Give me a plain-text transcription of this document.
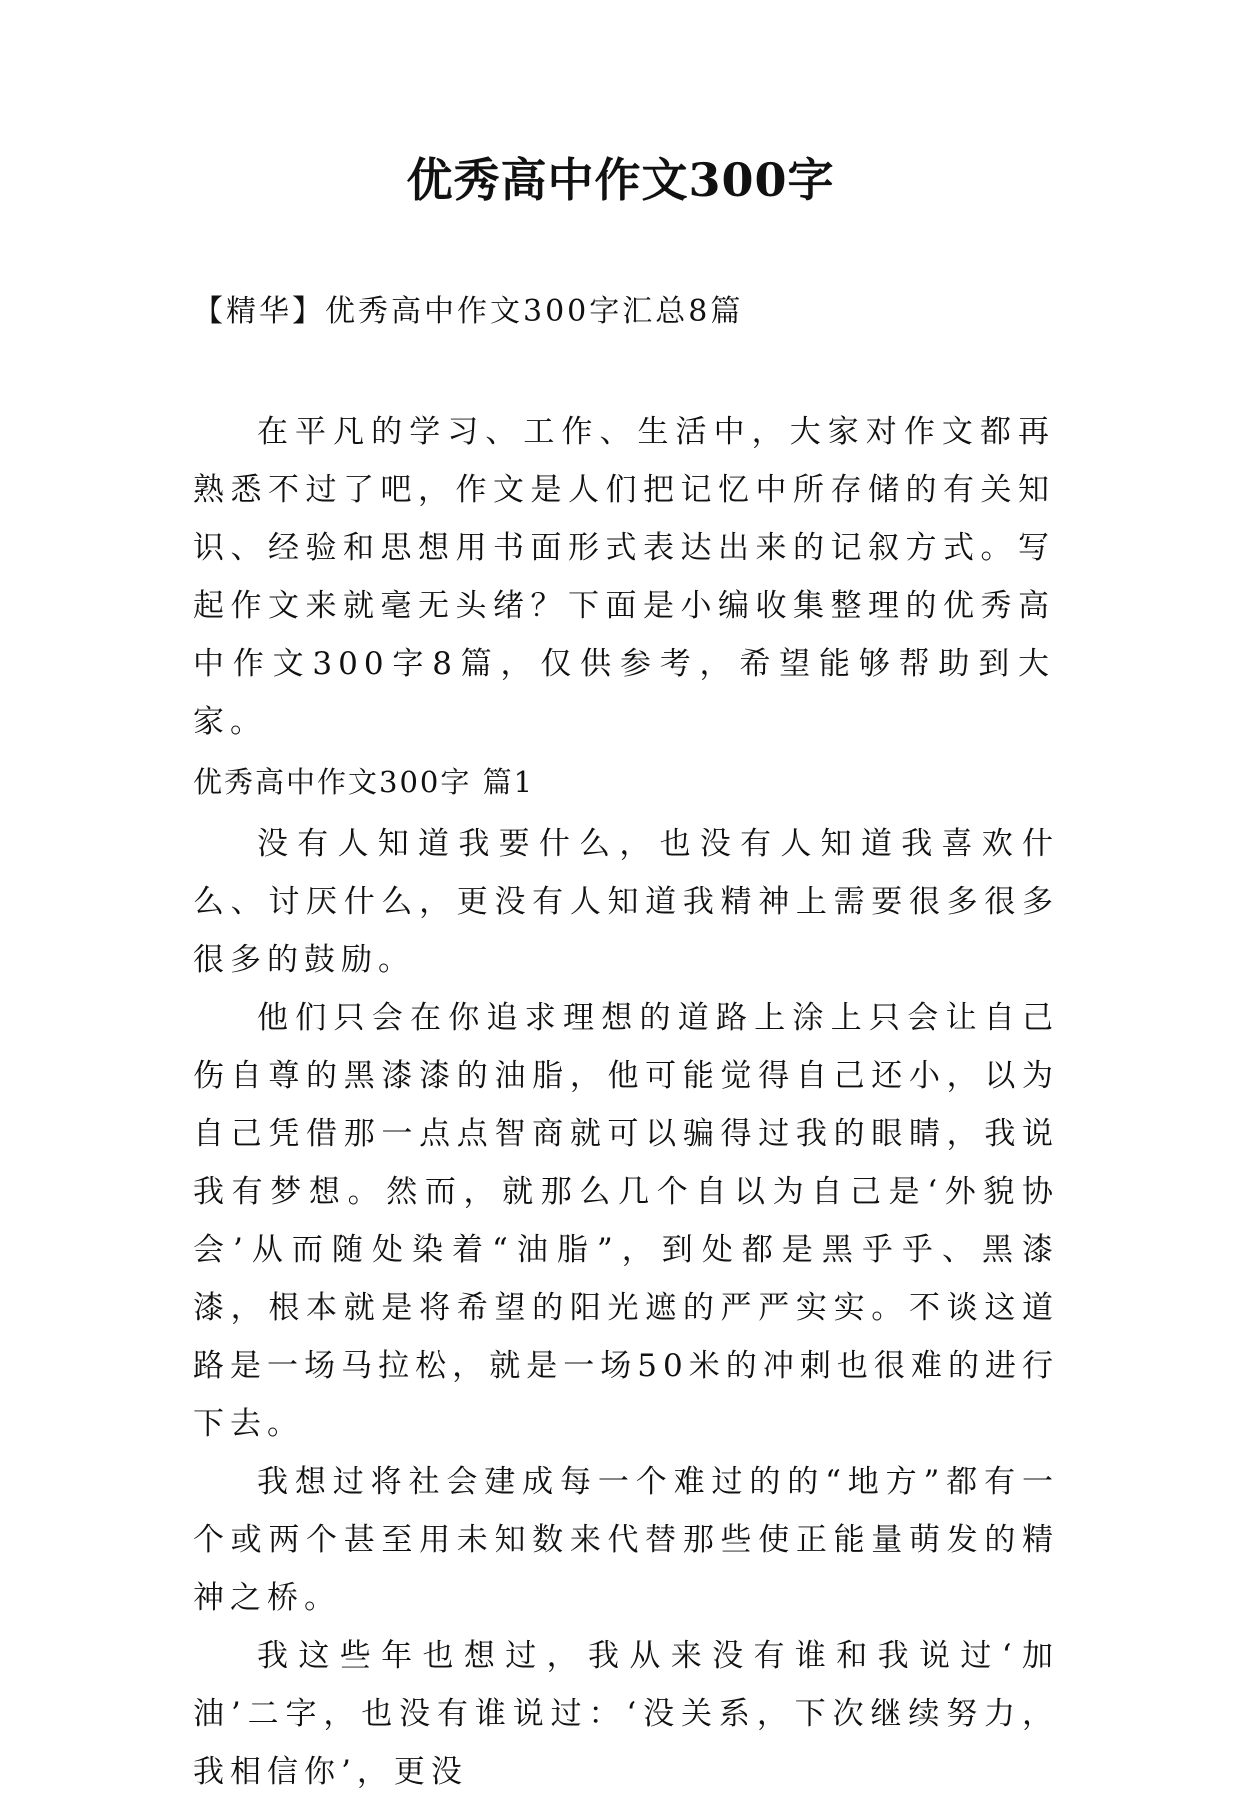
优秀高中作文300字

【精华】优秀高中作文300字汇总8篇

在平凡的学习、工作、生活中，大家对作文都再熟悉不过了吧，作文是人们把记忆中所存储的有关知识、经验和思想用书面形式表达出来的记叙方式。写起作文来就毫无头绪？下面是小编收集整理的优秀高中作文300字8篇，仅供参考，希望能够帮助到大家。

优秀高中作文300字 篇1

没有人知道我要什么，也没有人知道我喜欢什么、讨厌什么，更没有人知道我精神上需要很多很多很多的鼓励。

他们只会在你追求理想的道路上涂上只会让自己伤自尊的黑漆漆的油脂，他可能觉得自己还小，以为自己凭借那一点点智商就可以骗得过我的眼睛，我说我有梦想。然而，就那么几个自以为自己是‘外貌协会’从而随处染着“油脂”，到处都是黑乎乎、黑漆漆，根本就是将希望的阳光遮的严严实实。不谈这道路是一场马拉松，就是一场50米的冲刺也很难的进行下去。

我想过将社会建成每一个难过的的“地方”都有一个或两个甚至用未知数来代替那些使正能量萌发的精神之桥。

我这些年也想过，我从来没有谁和我说过‘加油’二字，也没有谁说过：‘没关系，下次继续努力，我相信你’，更没
